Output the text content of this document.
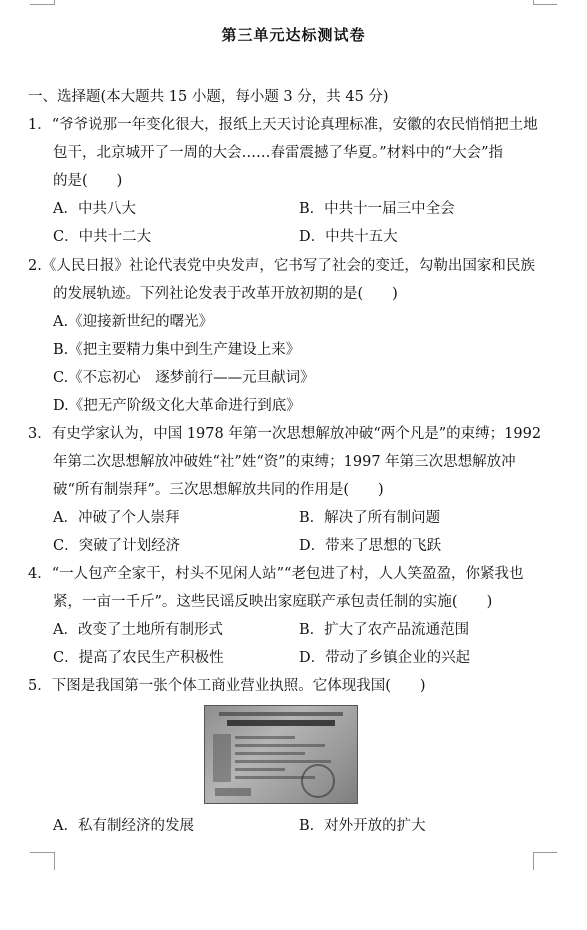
第三单元达标测试卷
一、选择题(本大题共 15 小题，每小题 3 分，共 45 分)
1．“爷爷说那一年变化很大，报纸上天天讨论真理标准，安徽的农民悄悄把土地
包干，北京城开了一周的大会……春雷震撼了华夏。”材料中的“大会”指
的是(　　)
A．中共八大	B．中共十一届三中全会
C．中共十二大	D．中共十五大
2.《人民日报》社论代表党中央发声，它书写了社会的变迁，勾勒出国家和民族
的发展轨迹。下列社论发表于改革开放初期的是(　　)
A.《迎接新世纪的曙光》
B.《把主要精力集中到生产建设上来》
C.《不忘初心　逐梦前行——元旦献词》
D.《把无产阶级文化大革命进行到底》
3．有史学家认为，中国 1978 年第一次思想解放冲破“两个凡是”的束缚；1992
年第二次思想解放冲破姓“社”姓“资”的束缚；1997 年第三次思想解放冲
破“所有制崇拜”。三次思想解放共同的作用是(　　)
A．冲破了个人崇拜	B．解决了所有制问题
C．突破了计划经济	D．带来了思想的飞跃
4．“一人包产全家干，村头不见闲人站”“老包进了村，人人笑盈盈，你紧我也
紧，一亩一千斤”。这些民谣反映出家庭联产承包责任制的实施(　　)
A．改变了土地所有制形式	B．扩大了农产品流通范围
C．提高了农民生产积极性	D．带动了乡镇企业的兴起
5．下图是我国第一张个体工商业营业执照。它体现我国(　　)
A．私有制经济的发展	B．对外开放的扩大
